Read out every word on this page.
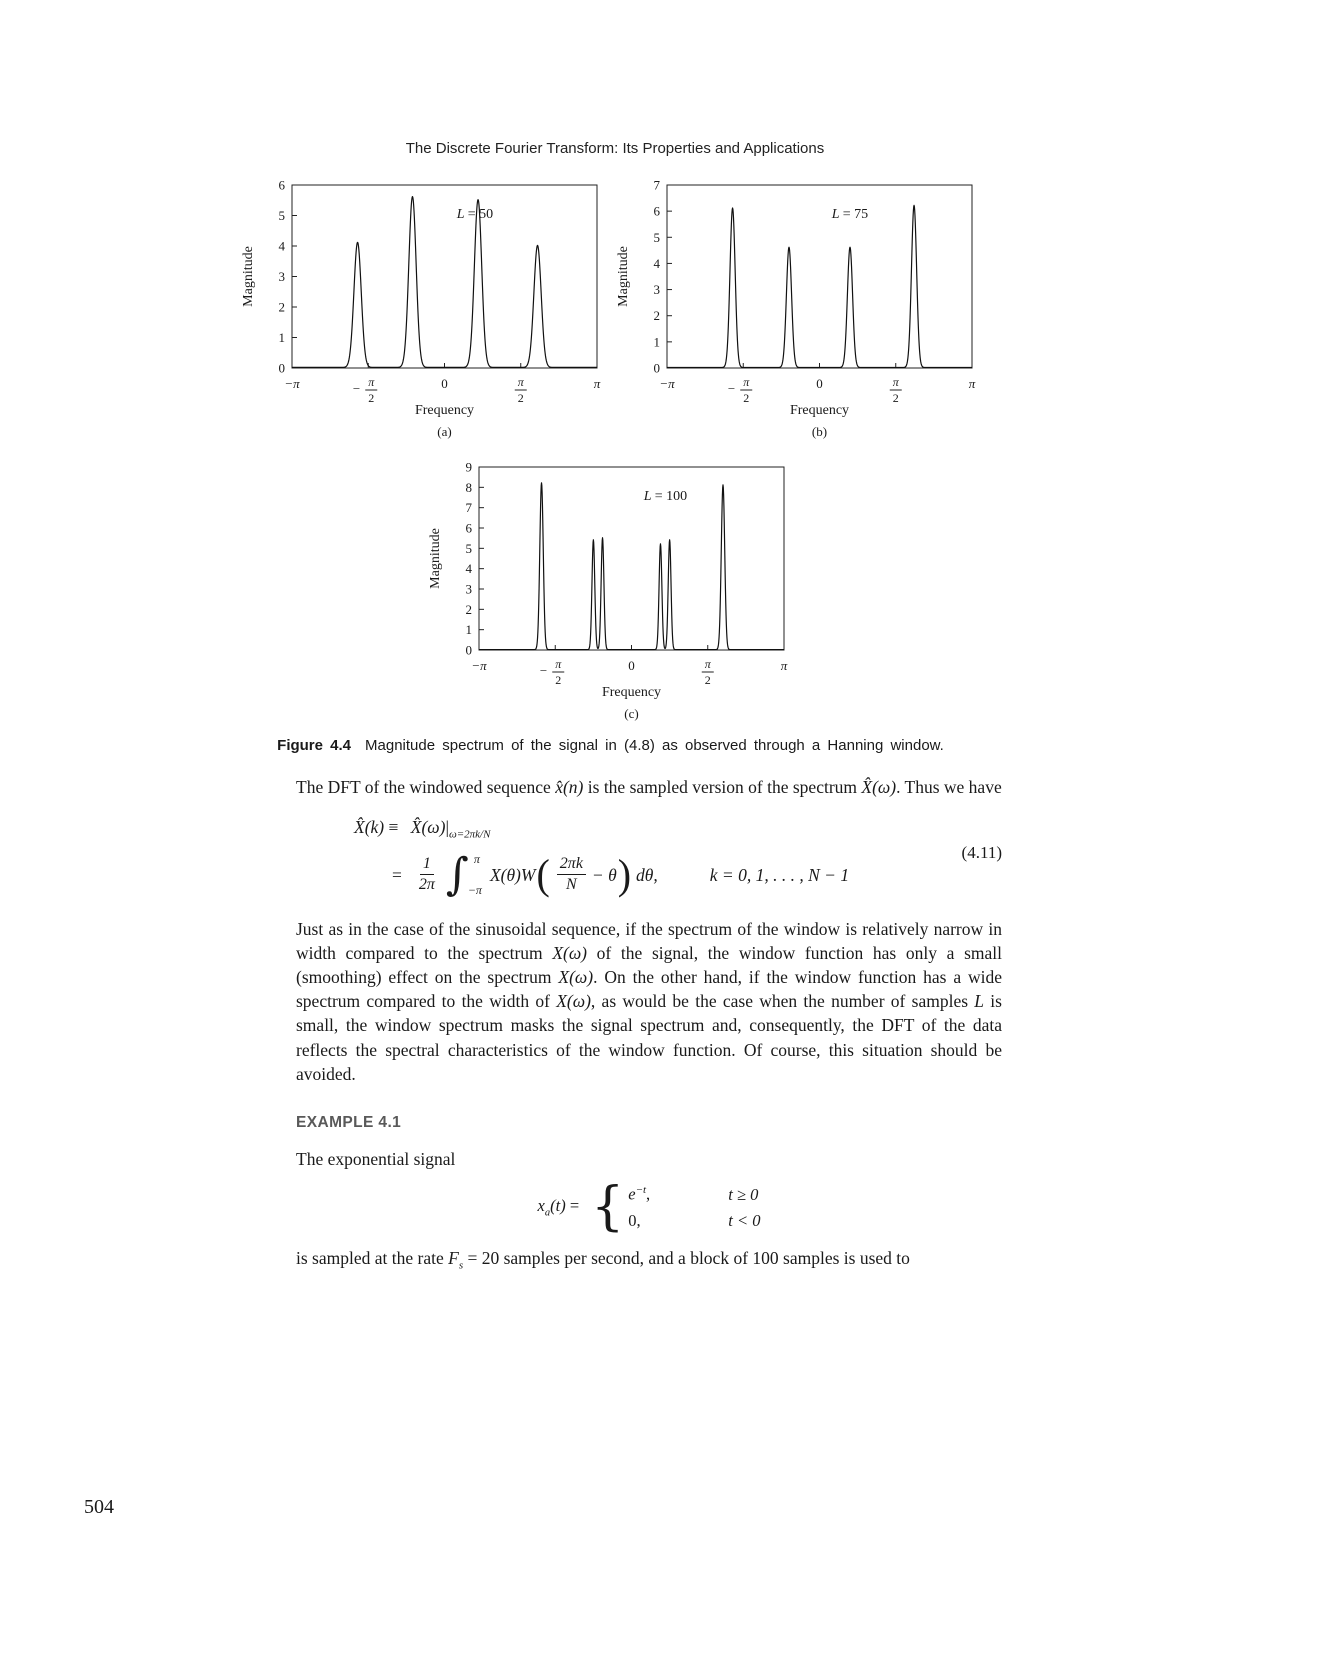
The Discrete Fourier Transform: Its Properties and Applications
0
1
2
3
4
5
6
−π	− π
2
0	π
2
π
L = 50
Magnitude
Frequency
(a)
0
1
2
3
4
5
6
7
−π	− π
2
0	π
2
π
L = 75
Magnitude
Frequency
(b)
0
1
2
3
4
5
6
7
8
9
−π	− π
2
0	π
2
π
L = 100
Magnitude
Frequency
(c)
Figure 4.4 Magnitude spectrum of the signal in (4.8) as observed through a Hanning window.

The DFT of the windowed sequence x̂(n) is the sampled version of the spectrum X̂(ω). Thus we have

X̂(k) ≡ $X̂(\omega)|_{\omega=2\pi k/N}$
= $\frac{1}{2\pi}$ ∫ π
−π
X(θ)W ( $\frac{2\pi k}{N} - \theta$ ) dθ,	k = 0, 1, . . . , N − 1
(4.11)

Just as in the case of the sinusoidal sequence, if the spectrum of the window is relatively narrow in width compared to the spectrum X(ω) of the signal, the window function has only a small (smoothing) effect on the spectrum X(ω). On the other hand, if the window function has a wide spectrum compared to the width of X(ω), as would be the case when the number of samples L is small, the window spectrum masks the signal spectrum and, consequently, the DFT of the data reflects the spectral characteristics of the window function. Of course, this situation should be avoided.

EXAMPLE 4.1

The exponential signal

$x_a(t)$ = { $e^{-t}$,	t ≥ 0
0,	t < 0

is sampled at the rate $F_s = 20$ samples per second, and a block of 100 samples is used to

504
